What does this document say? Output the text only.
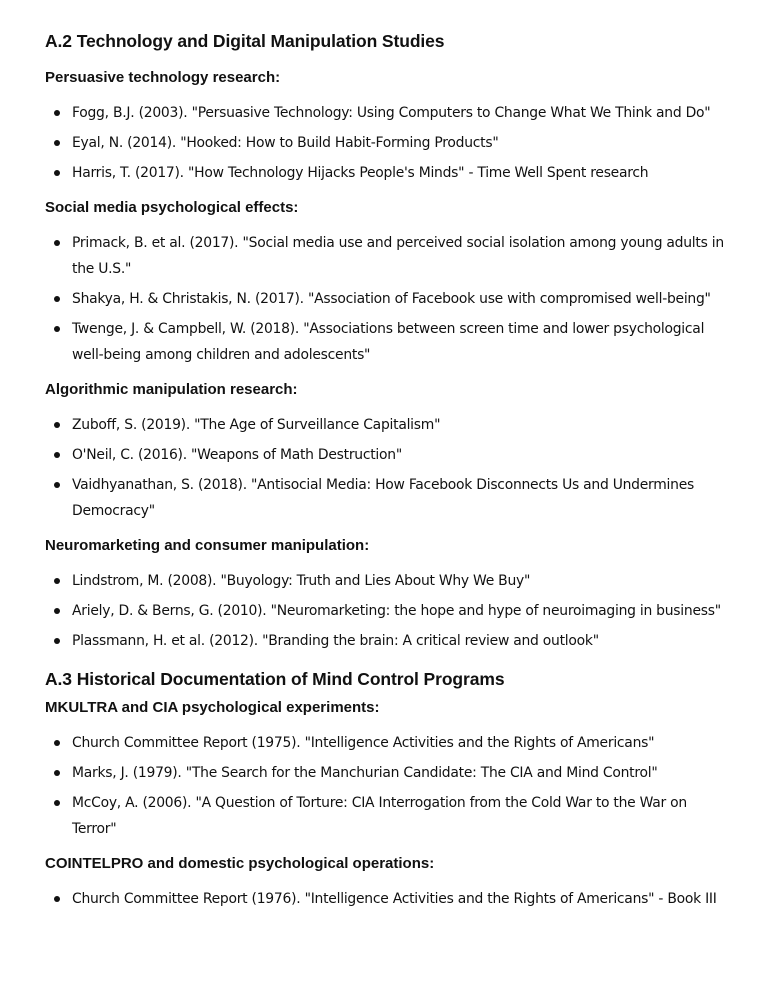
A.2 Technology and Digital Manipulation Studies
Persuasive technology research:
Fogg, B.J. (2003). "Persuasive Technology: Using Computers to Change What We Think and Do"
Eyal, N. (2014). "Hooked: How to Build Habit-Forming Products"
Harris, T. (2017). "How Technology Hijacks People's Minds" - Time Well Spent research
Social media psychological effects:
Primack, B. et al. (2017). "Social media use and perceived social isolation among young adults in the U.S."
Shakya, H. & Christakis, N. (2017). "Association of Facebook use with compromised well-being"
Twenge, J. & Campbell, W. (2018). "Associations between screen time and lower psychological well-being among children and adolescents"
Algorithmic manipulation research:
Zuboff, S. (2019). "The Age of Surveillance Capitalism"
O'Neil, C. (2016). "Weapons of Math Destruction"
Vaidhyanathan, S. (2018). "Antisocial Media: How Facebook Disconnects Us and Undermines Democracy"
Neuromarketing and consumer manipulation:
Lindstrom, M. (2008). "Buyology: Truth and Lies About Why We Buy"
Ariely, D. & Berns, G. (2010). "Neuromarketing: the hope and hype of neuroimaging in business"
Plassmann, H. et al. (2012). "Branding the brain: A critical review and outlook"
A.3 Historical Documentation of Mind Control Programs
MKULTRA and CIA psychological experiments:
Church Committee Report (1975). "Intelligence Activities and the Rights of Americans"
Marks, J. (1979). "The Search for the Manchurian Candidate: The CIA and Mind Control"
McCoy, A. (2006). "A Question of Torture: CIA Interrogation from the Cold War to the War on Terror"
COINTELPRO and domestic psychological operations:
Church Committee Report (1976). "Intelligence Activities and the Rights of Americans" - Book III
